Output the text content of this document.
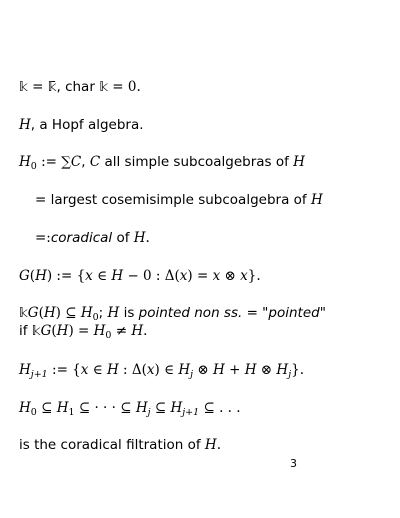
𝕜 = 𝕜̄, char 𝕜 = 0.
H, a Hopf algebra.
$H_0$ := ∑C, C all simple subcoalgebras of H
= largest cosemisimple subcoalgebra of H
=:coradical of H.
G(H) := {x ∈ H − 0 : Δ(x) = x ⊗ x}.
𝕜G(H) ⊆ $H_0$; H is pointed non ss. = "pointed"
if 𝕜G(H) = $H_0 \ne H$.
$H_{j+1}$ := {x ∈ H : Δ(x) ∈ $H_j$ ⊗ H + H ⊗ $H_j$}.
$H_0$ ⊆ $H_1$ ⊆ · · · ⊆ $H_j$ ⊆ $H_{j+1}$ ⊆ . . .
is the coradical filtration of H.
3
